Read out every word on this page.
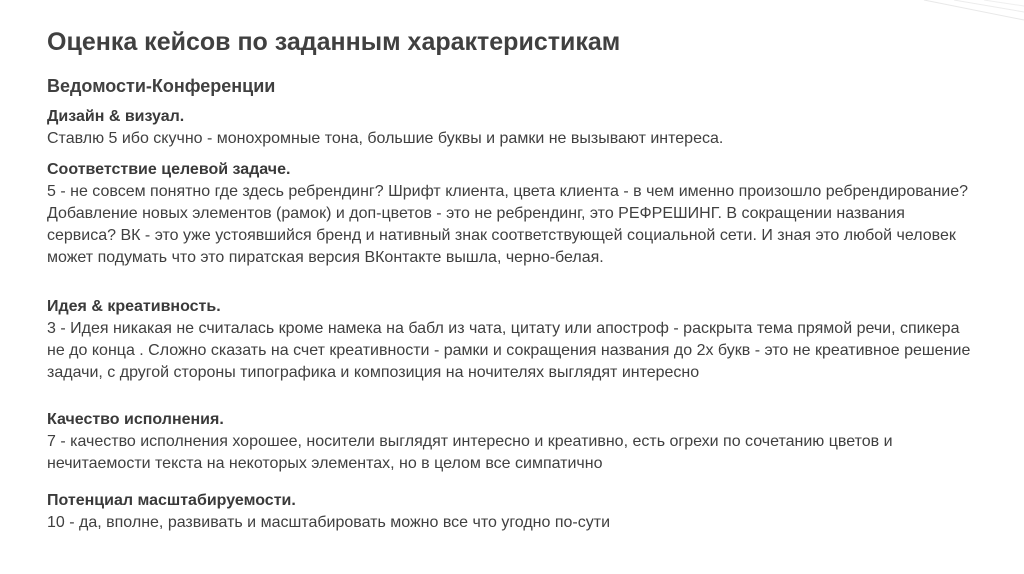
Оценка кейсов по заданным характеристикам
Ведомости-Конференции
Дизайн & визуал.
Ставлю 5 ибо скучно - монохромные тона, большие буквы и рамки не вызывают интереса.
Соответствие целевой задаче.
5 - не совсем понятно где здесь ребрендинг? Шрифт клиента, цвета клиента - в чем именно произошло ребрендирование? Добавление новых элементов (рамок) и доп-цветов - это не ребрендинг, это РЕФРЕШИНГ. В сокращении названия сервиса? ВК - это уже устоявшийся бренд и нативный знак соответствующей социальной сети. И зная это любой человек может подумать что это пиратская версия ВКонтакте вышла, черно-белая.
Идея & креативность.
3 - Идея никакая не считалась кроме намека на бабл из чата, цитату или апостроф - раскрыта тема прямой речи, спикера не до конца . Сложно сказать на счет креативности - рамки и сокращения названия до 2х букв - это не креативное решение задачи, с другой стороны типографика и композиция на ночителях выглядят интересно
Качество исполнения.
7 - качество исполнения хорошее, носители выглядят интересно и креативно, есть огрехи по сочетанию цветов и нечитаемости текста на некоторых элементах, но в целом все симпатично
Потенциал масштабируемости.
10 - да, вполне, развивать и масштабировать можно все что угодно по-сути
